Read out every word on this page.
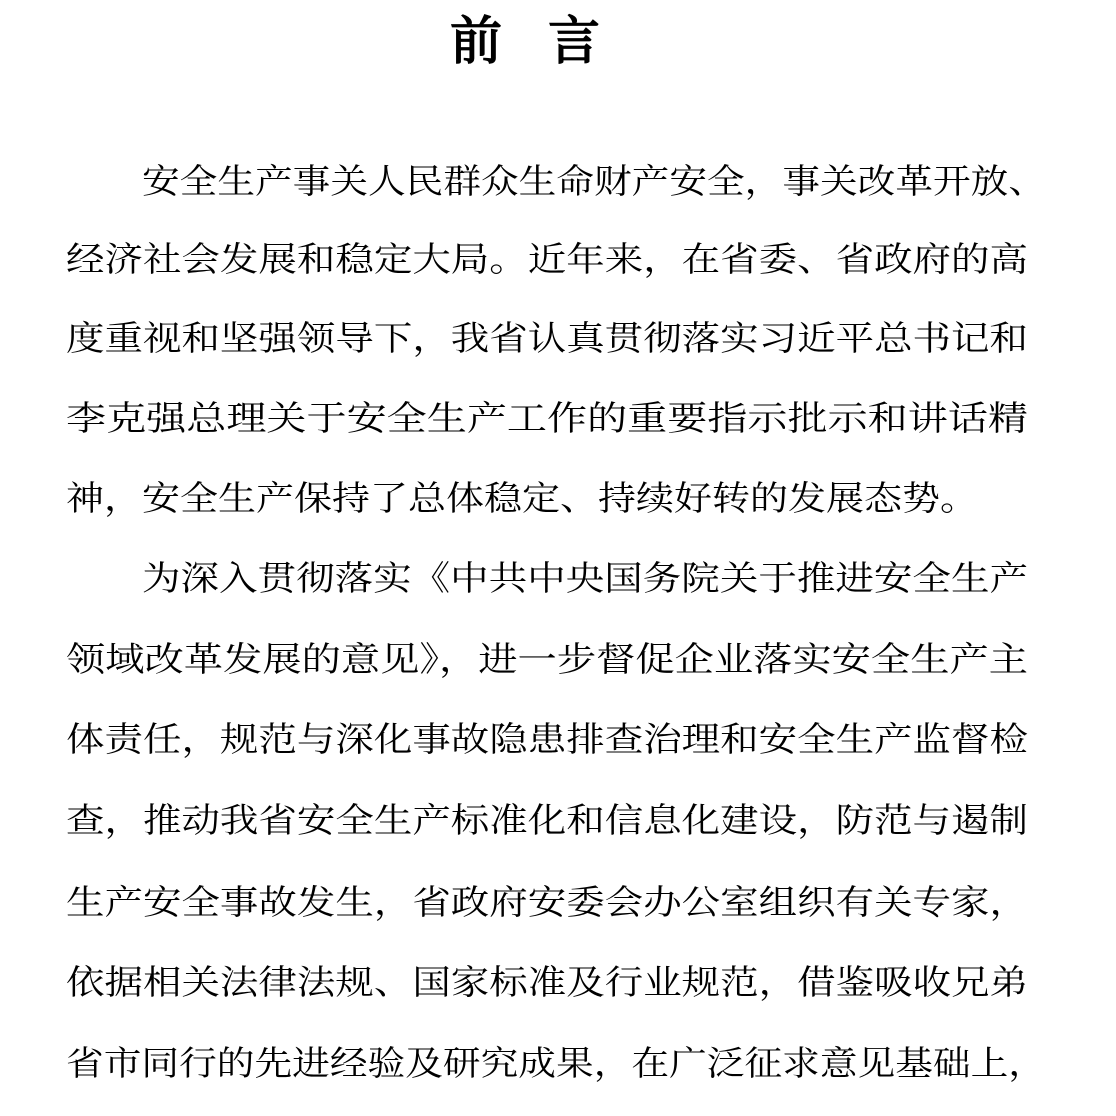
前言

安全生产事关人民群众生命财产安全，事关改革开放、

经济社会发展和稳定大局。近年来，在省委、省政府的高

度重视和坚强领导下，我省认真贯彻落实习近平总书记和

李克强总理关于安全生产工作的重要指示批示和讲话精

神，安全生产保持了总体稳定、持续好转的发展态势。

为深入贯彻落实《中共中央国务院关于推进安全生产

领域改革发展的意见》，进一步督促企业落实安全生产主

体责任，规范与深化事故隐患排查治理和安全生产监督检

查，推动我省安全生产标准化和信息化建设，防范与遏制

生产安全事故发生，省政府安委会办公室组织有关专家，

依据相关法律法规、国家标准及行业规范，借鉴吸收兄弟

省市同行的先进经验及研究成果，在广泛征求意见基础上，
